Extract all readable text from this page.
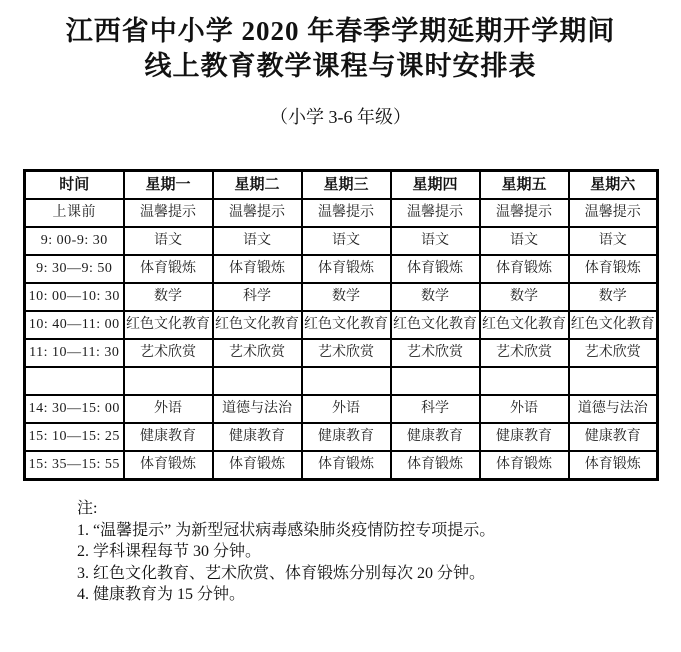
江西省中小学 2020 年春季学期延期开学期间
线上教育教学课程与课时安排表
（小学 3-6 年级）
时间	星期一	星期二	星期三	星期四	星期五	星期六
上课前	温馨提示	温馨提示	温馨提示	温馨提示	温馨提示	温馨提示
9: 00-9: 30	语文	语文	语文	语文	语文	语文
9: 30—9: 50	体育锻炼	体育锻炼	体育锻炼	体育锻炼	体育锻炼	体育锻炼
10: 00—10: 30	数学	科学	数学	数学	数学	数学
10: 40—11: 00	红色文化教育	红色文化教育	红色文化教育	红色文化教育	红色文化教育	红色文化教育
11: 10—11: 30	艺术欣赏	艺术欣赏	艺术欣赏	艺术欣赏	艺术欣赏	艺术欣赏

14: 30—15: 00	外语	道德与法治	外语	科学	外语	道德与法治
15: 10—15: 25	健康教育	健康教育	健康教育	健康教育	健康教育	健康教育
15: 35—15: 55	体育锻炼	体育锻炼	体育锻炼	体育锻炼	体育锻炼	体育锻炼

注:

1. “温馨提示” 为新型冠状病毒感染肺炎疫情防控专项提示。

2. 学科课程每节 30 分钟。

3. 红色文化教育、艺术欣赏、体育锻炼分别每次 20 分钟。

4. 健康教育为 15 分钟。
